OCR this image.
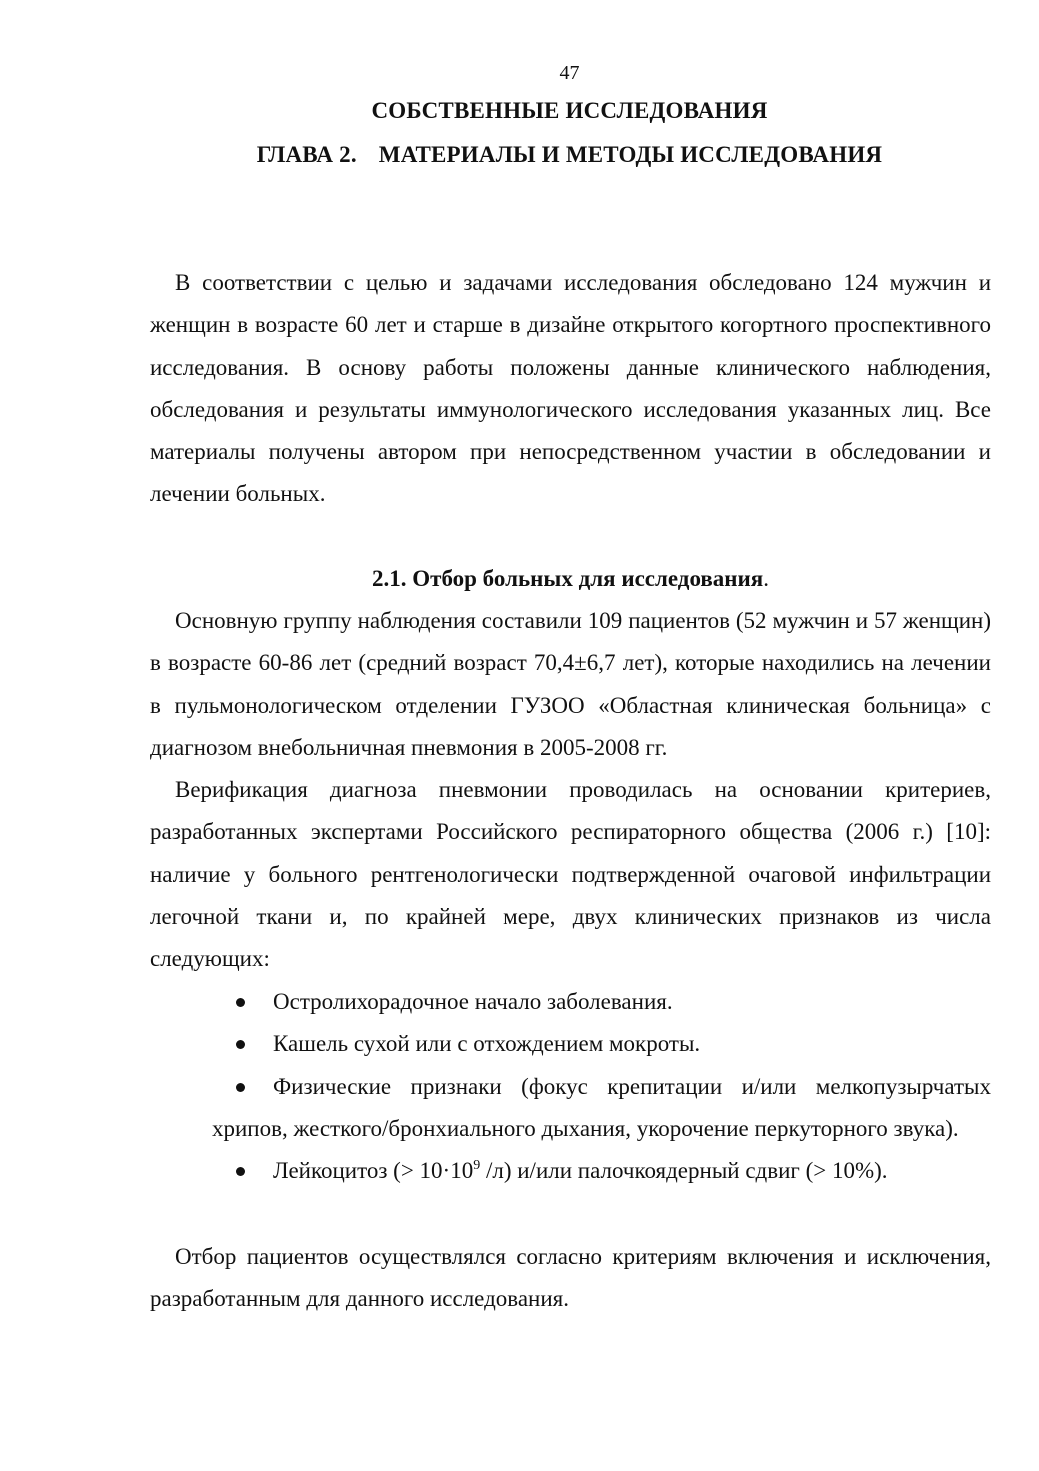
47
СОБСТВЕННЫЕ ИССЛЕДОВАНИЯ
ГЛАВА 2. МАТЕРИАЛЫ И МЕТОДЫ ИССЛЕДОВАНИЯ

В соответствии с целью и задачами исследования обследовано 124 мужчин и женщин в возрасте 60 лет и старше в дизайне открытого когортного проспективного исследования. В основу работы положены данные клинического наблюдения, обследования и результаты иммунологического исследования указанных лиц. Все материалы получены автором при непосредственном участии в обследовании и лечении больных.

2.1. Отбор больных для исследования.

Основную группу наблюдения составили 109 пациентов (52 мужчин и 57 женщин) в возрасте 60-86 лет (средний возраст 70,4±6,7 лет), которые находились на лечении в пульмонологическом отделении ГУЗОО «Областная клиническая больница» с диагнозом внебольничная пневмония в 2005-2008 гг.

Верификация диагноза пневмонии проводилась на основании критериев, разработанных экспертами Российского респираторного общества (2006 г.) [10]: наличие у больного рентгенологически подтвержденной очаговой инфильтрации легочной ткани и, по крайней мере, двух клинических признаков из числа следующих:

Остролихорадочное начало заболевания.
Кашель сухой или с отхождением мокроты.
Физические признаки (фокус крепитации и/или мелкопузырчатых хрипов, жесткого/бронхиального дыхания, укорочение перкуторного звука).
Лейкоцитоз (> $10\cdot 10^9$ /л) и/или палочкоядерный сдвиг (> 10%).

Отбор пациентов осуществлялся согласно критериям включения и исключения, разработанным для данного исследования.
